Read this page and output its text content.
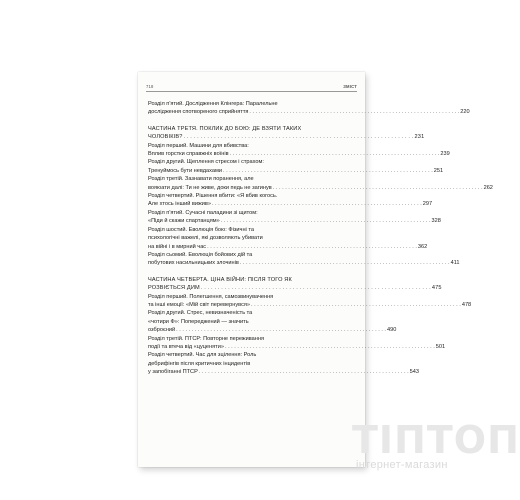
718	ЗМІСТ
Розділ п'ятий. Дослідження Клінгера: Паралельне
дослідження спотвореного сприйняття . . .	220
ЧАСТИНА ТРЕТЯ. ПОКЛИК ДО БОЮ: ДЕ ВЗЯТИ ТАКИХ
ЧОЛОВІКІВ? . . .	231
Розділ перший. Машини для вбивства:
Вплив горстки справжніх воїнів . . .	239
Розділ другий. Щеплення стресом і страхом:
Тренуймось бути невдахами . . .	251
Розділ третій. Зазнавати поранення, але
вояюати далі: Ти не живе, доки педь не загинув . . .	262
Розділ четвертий. Рішення вбити: «Я вбив когось.
Але хтось інший вижив» . . .	297
Розділ п'ятий. Сучасні паладини зі щитом:
«Піди й скажи спартанцям» . . .	328
Розділ шостий. Еволюція бою: Фізичні та
психологічні важелі, які дозволяють убивати
на війні і в мирний час . . .	362
Розділ сьомий. Еволюція бойових дій та
побутових насильницьких злочинів . . .	411
ЧАСТИНА ЧЕТВЕРТА. ЦІНА ВІЙНИ: ПІСЛЯ ТОГО ЯК
РОЗВІЄТЬСЯ ДИМ . . .	475
Розділ перший. Полегшення, самозвинувачення
та інші емоції: «Мій світ перевернувся» . . .	478
Розділ другий. Стрес, невизначеність та
«чотири Ф»: Попереджений — значить
озброєний . . .	490
Розділ третій. ПТСР: Повторне переживання
події та втеча від «цуценяти» . . .	501
Розділ четвертий. Час для зцілення: Роль
дебрифінгів після критичних інцидентів
у запобіганні ПТСР . . .	543
ТІПТОП
інтернет-магазин
